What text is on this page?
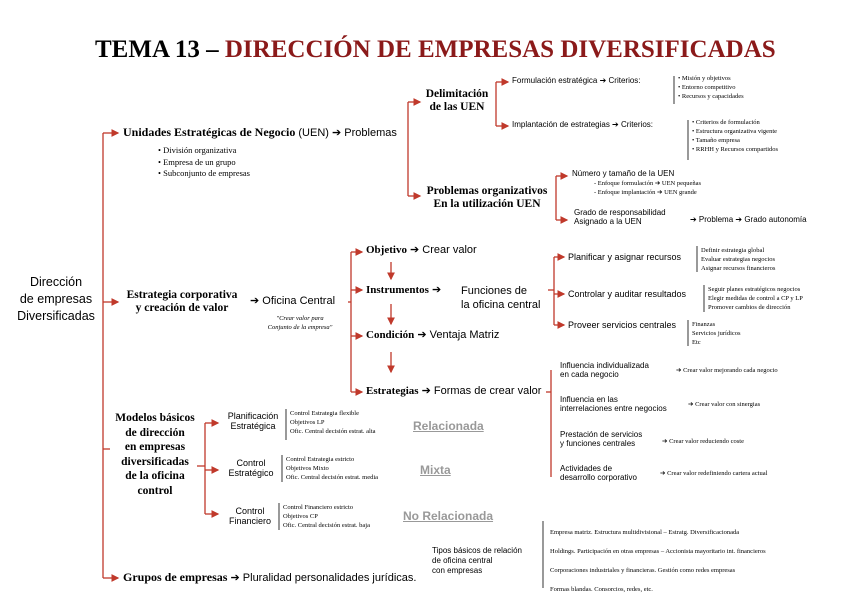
TEMA 13 – DIRECCIÓN DE EMPRESAS DIVERSIFICADAS
Dirección
de empresas
Diversificadas
Unidades Estratégicas de Negocio (UEN) ➔ Problemas
• División organizativa
• Empresa de un grupo
• Subconjunto de empresas
Delimitación
de las UEN
Formulación estratégica ➔ Criterios:	• Misión y objetivos
• Entorno competitivo
• Recursos y capacidades
Implantación de estrategias ➔ Criterios:	• Criterios de formulación
• Estructura organizativa vigente
• Tamaño empresa
• RRHH y Recursos compartidos
Problemas organizativos
En la utilización UEN
Número y tamaño de la UEN
- Enfoque formulación ➔ UEN pequeñas
- Enfoque implantación ➔ UEN grande
Grado de responsabilidad
Asignado a la UEN	➔ Problema ➔ Grado autonomía
Estrategia corporativa
y creación de valor
➔ Oficina Central
"Crear valor para
Conjunto de la empresa"
Objetivo ➔ Crear valor
Instrumentos ➔ Funciones de
la oficina central
Condición ➔ Ventaja Matriz
Estrategias ➔ Formas de crear valor
Planificar y asignar recursos
Definir estrategia global
Evaluar estrategias negocios
Asignar recursos financieros
Controlar y auditar resultados	Seguir planes estratégicos negocios
Elegir medidas de control a CP y LP
Promover cambios de dirección
Proveer servicios centrales Finanzas
Servicios jurídicos
Etc
Influencia individualizada
en cada negocio	➔ Crear valor mejorando cada negocio
Influencia en las
interrelaciones entre negocios	➔ Crear valor con sinergias
Prestación de servicios
y funciones centrales	➔ Crear valor reduciendo coste
Actividades de
desarrollo corporativo	➔ Crear valor redefiniendo cartera actual
Modelos básicos
de dirección
en empresas
diversificadas
de la oficina
control
Planificación
Estratégica
Control Estrategia flexible
Objetivos LP
Ofic. Central decisión estrat. alta	Relacionada
Control
Estratégico
Control Estrategia estricto
Objetivos Mixto
Ofic. Central decisión estrat. media
Mixta
Control
Financiero
Control Financiero estricto
Objetivos CP
Ofic. Central decisión estrat. baja
No Relacionada
Grupos de empresas ➔ Pluralidad personalidades jurídicas.
Tipos básicos de relación
de oficina central
con empresas
Empresa matriz. Estructura multidivisional – Estratg. Diversificacionada
Holdings. Participación en otras empresas – Accionista mayoritario int. financieros
Corporaciones industriales y financieras. Gestión como redes empresas
Formas blandas. Consorcios, redes, etc.
